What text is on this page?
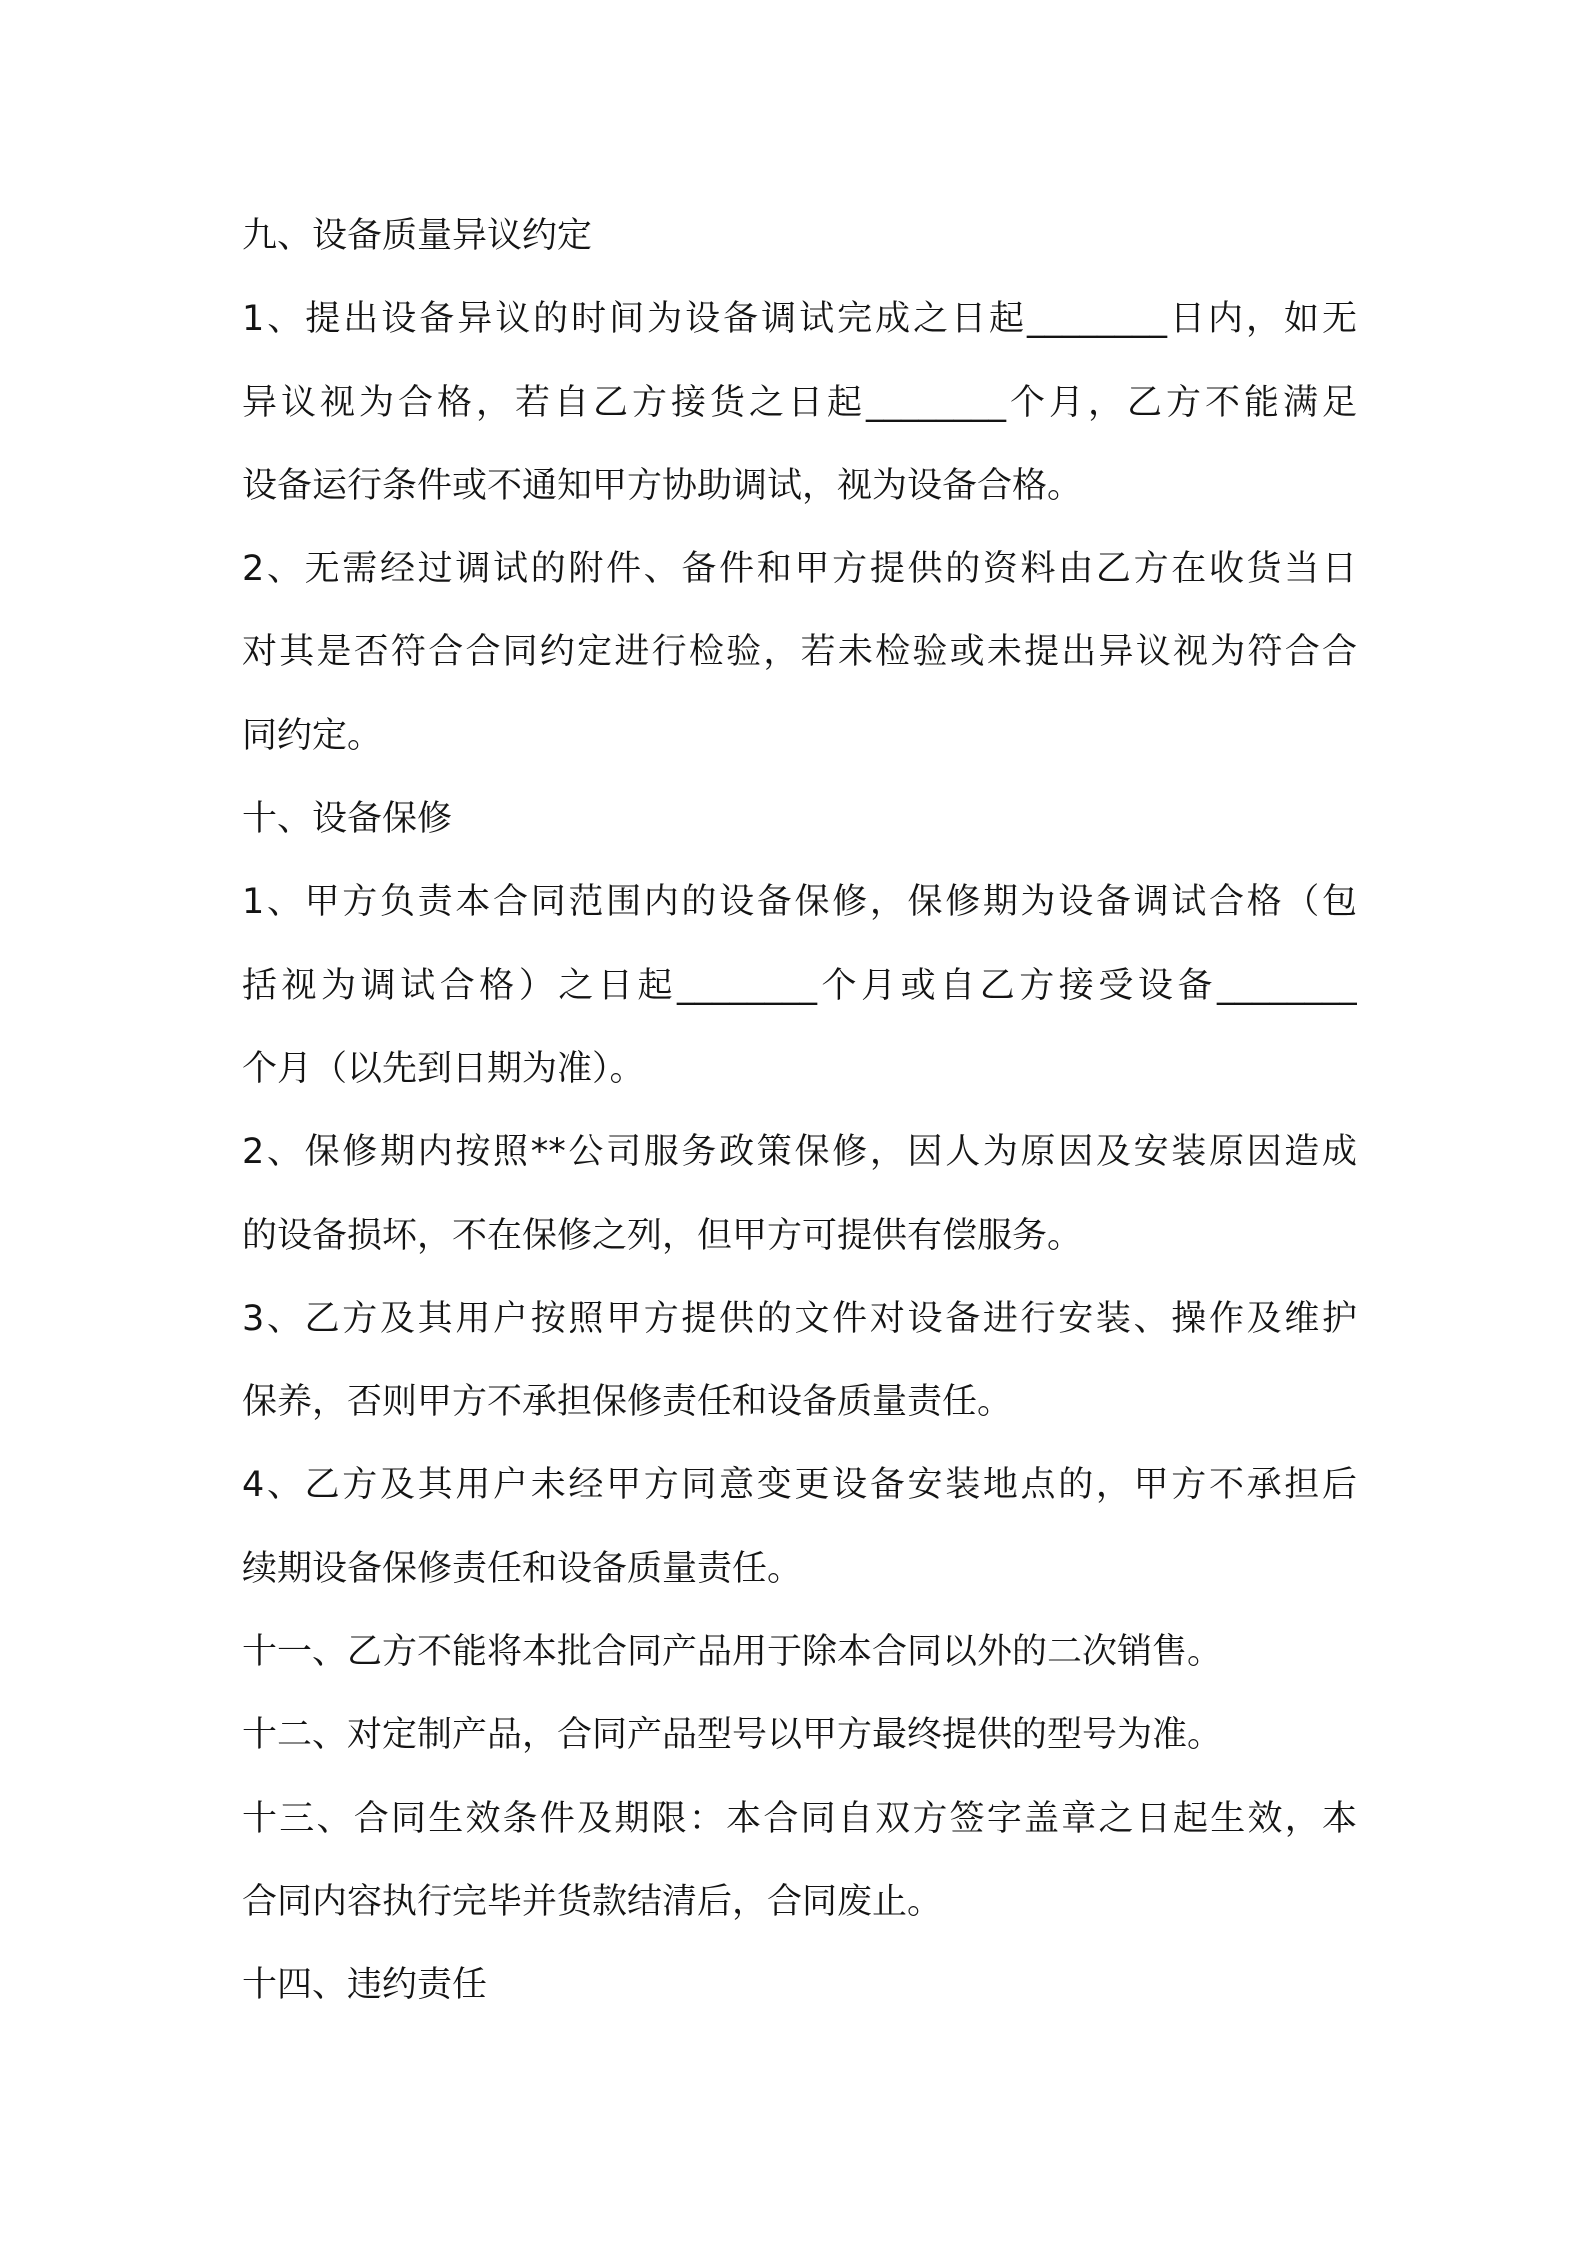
九、设备质量异议约定

1、提出设备异议的时间为设备调试完成之日起________日内，如无

异议视为合格，若自乙方接货之日起________个月，乙方不能满足

设备运行条件或不通知甲方协助调试，视为设备合格。

2、无需经过调试的附件、备件和甲方提供的资料由乙方在收货当日

对其是否符合合同约定进行检验，若未检验或未提出异议视为符合合

同约定。

十、设备保修

1、甲方负责本合同范围内的设备保修，保修期为设备调试合格（包

括视为调试合格）之日起________个月或自乙方接受设备________

个月（以先到日期为准）。

2、保修期内按照**公司服务政策保修，因人为原因及安装原因造成

的设备损坏，不在保修之列，但甲方可提供有偿服务。

3、乙方及其用户按照甲方提供的文件对设备进行安装、操作及维护

保养，否则甲方不承担保修责任和设备质量责任。

4、乙方及其用户未经甲方同意变更设备安装地点的，甲方不承担后

续期设备保修责任和设备质量责任。

十一、乙方不能将本批合同产品用于除本合同以外的二次销售。

十二、对定制产品，合同产品型号以甲方最终提供的型号为准。

十三、合同生效条件及期限：本合同自双方签字盖章之日起生效，本

合同内容执行完毕并货款结清后，合同废止。

十四、违约责任
